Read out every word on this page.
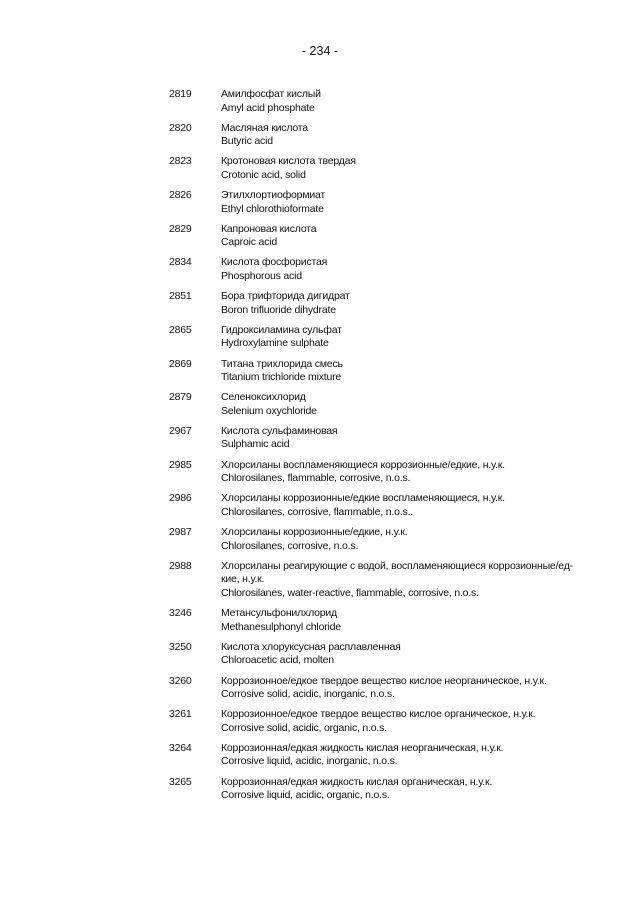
- 234 -
2819	Амилфосфат кислый
Amyl acid phosphate
2820	Масляная кислота
Butyric acid
2823	Кротоновая кислота твердая
Crotonic acid, solid
2826	Этилхлортиоформиат
Ethyl chlorothioformate
2829	Капроновая кислота
Caproic acid
2834	Кислота фосфористая
Phosphorous acid
2851	Бора трифторида дигидрат
Boron trifluoride dihydrate
2865	Гидроксиламина сульфат
Hydroxylamine sulphate
2869	Титана трихлорида смесь
Titanium trichloride mixture
2879	Селеноксихлорид
Selenium oxychloride
2967	Кислота сульфаминовая
Sulphamic acid
2985	Хлорсиланы воспламеняющиеся коррозионные/едкие, н.у.к.
Chlorosilanes, flammable, corrosive, n.o.s.
2986	Хлорсиланы коррозионные/едкие воспламеняющиеся, н.у.к.
Chlorosilanes, corrosive, flammable, n.o.s..
2987	Хлорсиланы коррозионные/едкие, н.у.к.
Chlorosilanes, corrosive, n.o.s.
2988	Хлорсиланы реагирующие с водой, воспламеняющиеся коррозионные/ед-
кие, н.у.к.
Chlorosilanes, water-reactive, flammable, corrosive, n.o.s.
3246	Метансульфонилхлорид
Methanesulphonyl chloride
3250	Кислота хлоруксусная расплавленная
Chloroacetic acid, molten
3260	Коррозионное/едкое твердое вещество кислое неорганическое, н.у.к.
Corrosive solid, acidic, inorganic, n.o.s.
3261	Коррозионное/едкое твердое вещество кислое органическое, н.у.к.
Corrosive solid, acidic, organic, n.o.s.
3264	Коррозионная/едкая жидкость кислая неорганическая, н.у.к.
Corrosive liquid, acidic, inorganic, n.o.s.
3265	Коррозионная/едкая жидкость кислая органическая, н.у.к.
Corrosive liquid, acidic, organic, n.o.s.
